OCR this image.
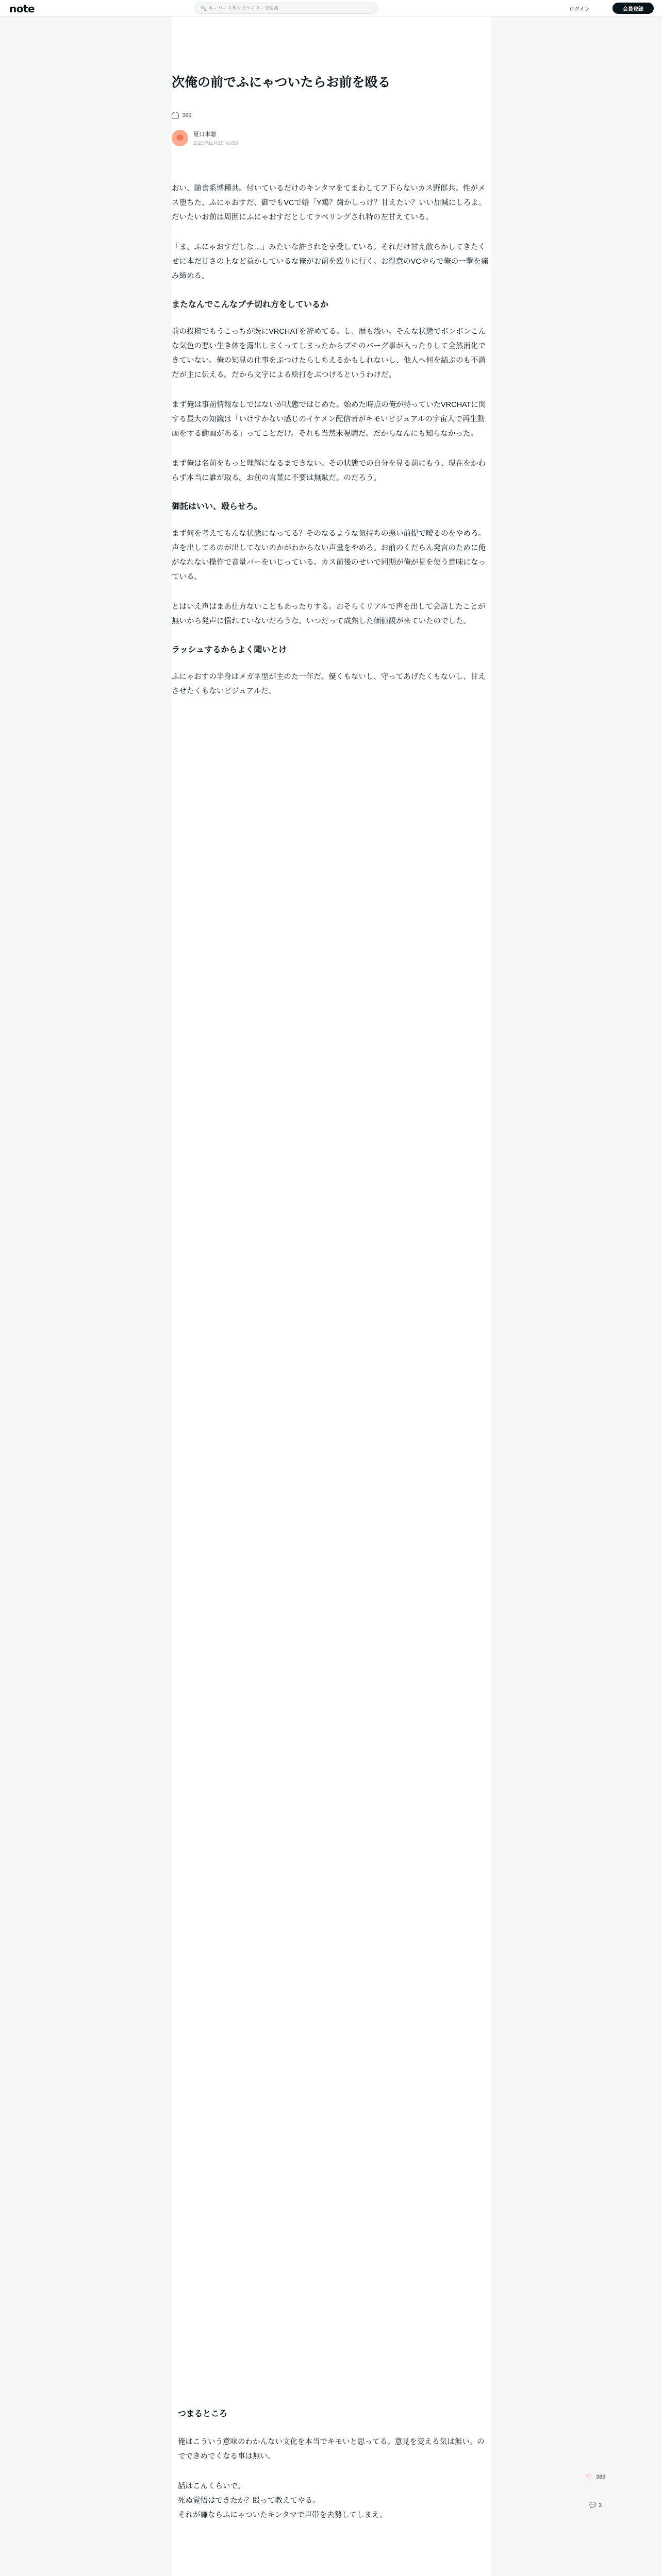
note	🔍
キーワードやクリエイターで検索	ログイン	会員登録
次俺の前でふにゃついたらお前を殴る
389
夏口未聴
2025年11月3日 00:50

おい、随食系博種共。付いているだけのキンタマをてまわしてア下らないカス野郎共。性がメス堕ちた、ふにゃおすだ、御でもVCで婚「Y鶏？歯かしっけ？甘えたい？いい加減にしろよ。だいたいお前は周囲にふにゃおすだとしてラベリングされ特の左甘えている。

「ま、ふにゃおすだしな…」みたいな許されを享受している。それだけ甘え散らかしてきたくせに本だ甘さの上など益かしているな俺がお前を殴りに行く。お得意のVCやらで俺の一撃を痛み締める。

またなんでこんなブチ切れ方をしているか

前の投稿でもうこっちが既にVRCHATを辞めてる。し、歴も浅い。そんな状態でボンボンこんな気色の悪い生き体を露出しまくってしまったからブチのバーグ事が入ったりして全然消化できていない。俺の知見の仕事をぶつけたらしちえるかもしれないし、他人へ何を結ぶのも不満だが主に伝える。だから文字による絵打をぶつけるというわけだ。

まず俺は事前情報なしではないが状態ではじめた。始めた時点の俺が持っていたVRCHATに関する最大の知識は「いけすかない感じのイケメン配信者がキモいビジュアルの宇宙人で再生動画をする動画がある」ってことだけ。それも当然未視聴だ。だからなんにも知らなかった。

まず俺は名前をもっと理解になるまできない。その状態での自分を見る前にもう、現在をかわらず本当に誰が取る。お前の言葉に不要は無駄だ。のだろう。

御託はいい、殴らせろ。

まず何を考えてもんな状態になってる？そのなるような気持ちの悪い前提で曖るのをやめろ。声を出してるのが出してないのかがわからない声量をやめろ。お前のくだらん発言のために俺がなれない操作で音量バーをいじっている。カス前後のせいで同期が俺が見を使う意味になっている。

とはいえ声はまあ仕方ないこともあったりする。おそらくリアルで声を出して会話したことが無いから発声に慣れていないだろうな。いつだって成熟した価値観が来ていたのでした。

ラッシュするからよく聞いとけ

ふにゃおすの半身はメガネ型が主のた一年だ。優くもないし、守ってあげたくもないし、甘えさせたくもないビジュアルだ。

つまるところ

俺はこういう意味のわかんない文化を本当でキモいと思ってる。意見を変える気は無い。のでできめでくなる事は無い。

話はこんくらいで。

死ぬ覚悟はできたか？殴って教えてやる。

それが嫌ならふにゃついたキンタマで声帯を去勢してしまえ。

♡ 389
💬 3
